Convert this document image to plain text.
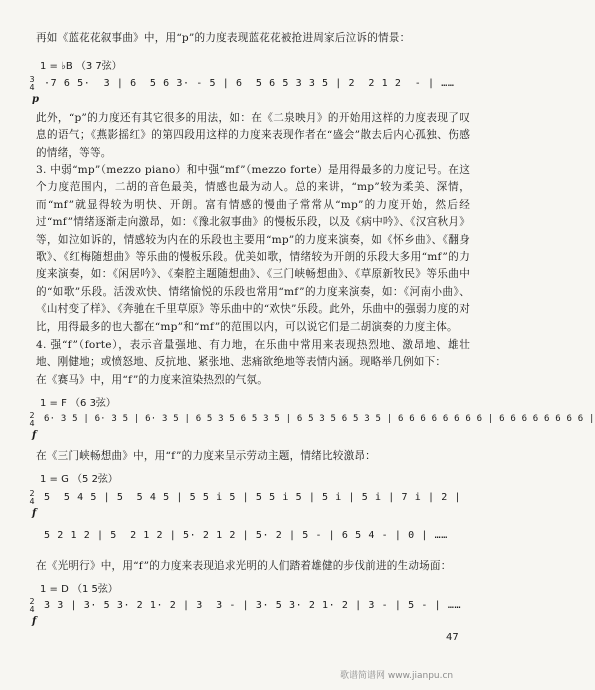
再如《蓝花花叙事曲》中，用“p”的力度表现蓝花花被抢进周家后泣诉的情景：
1 = ♭B （3 7弦）
3
4 ·7 6 5·  3 | 6  5 6 3· - 5 | 6  5 6 5 3 3 5 | 2  2 1 2  - | ……
p
此外，“p”的力度还有其它很多的用法，如：在《二泉映月》的开始用这样的力度表现了叹息的语气；《燕影摇红》的第四段用这样的力度来表现作者在“盛会”散去后内心孤独、伤感的情绪，等等。
3. 中弱“mp”（mezzo piano）和中强“mf”（mezzo forte）是用得最多的力度记号。在这个力度范围内，二胡的音色最美，情感也最为动人。总的来讲，“mp”较为柔美、深情，而“mf”就显得较为明快、开朗。富有情感的慢曲子常常从“mp”的力度开始，然后经过“mf”情绪逐渐走向激昂，如：《豫北叙事曲》的慢板乐段，以及《病中吟》、《汉宫秋月》等，如泣如诉的，情感较为内在的乐段也主要用“mp”的力度来演奏，如《怀乡曲》、《翻身歌》、《红梅随想曲》等乐曲的慢板乐段。优美如歌，情绪较为开朗的乐段大多用“mf”的力度来演奏，如：《闲居吟》、《秦腔主题随想曲》、《三门峡畅想曲》、《草原新牧民》等乐曲中的“如歌”乐段。活泼欢快、情绪愉悦的乐段也常用“mf”的力度来演奏，如：《河南小曲》、《山村变了样》、《奔驰在千里草原》等乐曲中的“欢快”乐段。此外，乐曲中的强弱力度的对比，用得最多的也大都在“mp”和“mf”的范围以内，可以说它们是二胡演奏的力度主体。
4. 强“f”（forte），表示音量强地、有力地，在乐曲中常用来表现热烈地、激昂地、雄壮地、刚健地；或愤怒地、反抗地、紧张地、悲痛欲绝地等表情内涵。现略举几例如下：
在《赛马》中，用“f”的力度来渲染热烈的气氛。
1 = F （6 3弦）
2
4 6· 3 5 | 6· 3 5 | 6· 3 5 | 6 5 3 5 6 5 3 5 | 6 5 3 5 6 5 3 5 | 6 6 6 6 6 6 6 6 | 6 6 6 6 6 6 6 6 |
f
在《三门峡畅想曲》中，用“f”的力度来呈示劳动主题，情绪比较激昂：
1 = G （5 2弦）
2
4 5  5 4 5 | 5  5 4 5 | 5 5 i 5 | 5 5 i 5 | 5 i | 5 i | 7 i | 2 |
f
5 2 1 2 | 5  2 1 2 | 5· 2 1 2 | 5· 2 | 5 - | 6 5 4 - | 0 | ……
在《光明行》中，用“f”的力度来表现追求光明的人们踏着雄健的步伐前进的生动场面：
1 = D （1 5弦）
2
4 3 3 | 3· 5 3· 2 1· 2 | 3  3 - | 3· 5 3· 2 1· 2 | 3 - | 5 - | ……
f
47
歌谱简谱网 www.jianpu.cn
